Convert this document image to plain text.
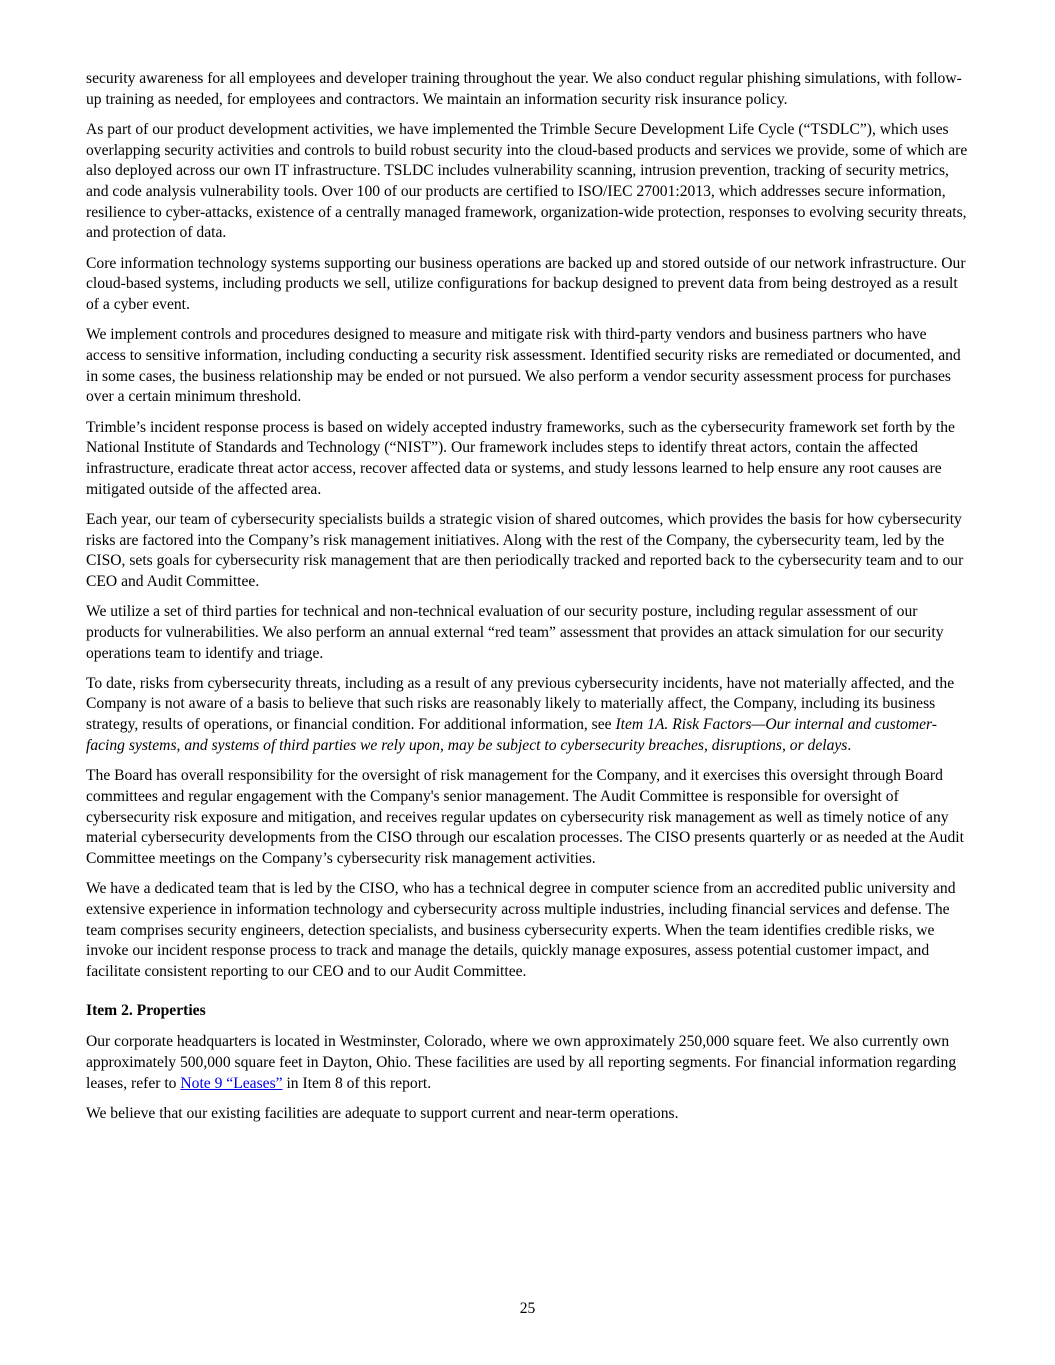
security awareness for all employees and developer training throughout the year. We also conduct regular phishing simulations, with follow-up training as needed, for employees and contractors. We maintain an information security risk insurance policy.

As part of our product development activities, we have implemented the Trimble Secure Development Life Cycle (“TSDLC”), which uses overlapping security activities and controls to build robust security into the cloud-based products and services we provide, some of which are also deployed across our own IT infrastructure. TSLDC includes vulnerability scanning, intrusion prevention, tracking of security metrics, and code analysis vulnerability tools. Over 100 of our products are certified to ISO/IEC 27001:2013, which addresses secure information, resilience to cyber-attacks, existence of a centrally managed framework, organization-wide protection, responses to evolving security threats, and protection of data.

Core information technology systems supporting our business operations are backed up and stored outside of our network infrastructure. Our cloud-based systems, including products we sell, utilize configurations for backup designed to prevent data from being destroyed as a result of a cyber event.

We implement controls and procedures designed to measure and mitigate risk with third-party vendors and business partners who have access to sensitive information, including conducting a security risk assessment. Identified security risks are remediated or documented, and in some cases, the business relationship may be ended or not pursued. We also perform a vendor security assessment process for purchases over a certain minimum threshold.

Trimble’s incident response process is based on widely accepted industry frameworks, such as the cybersecurity framework set forth by the National Institute of Standards and Technology (“NIST”). Our framework includes steps to identify threat actors, contain the affected infrastructure, eradicate threat actor access, recover affected data or systems, and study lessons learned to help ensure any root causes are mitigated outside of the affected area.

Each year, our team of cybersecurity specialists builds a strategic vision of shared outcomes, which provides the basis for how cybersecurity risks are factored into the Company’s risk management initiatives. Along with the rest of the Company, the cybersecurity team, led by the CISO, sets goals for cybersecurity risk management that are then periodically tracked and reported back to the cybersecurity team and to our CEO and Audit Committee.

We utilize a set of third parties for technical and non-technical evaluation of our security posture, including regular assessment of our products for vulnerabilities. We also perform an annual external “red team” assessment that provides an attack simulation for our security operations team to identify and triage.

To date, risks from cybersecurity threats, including as a result of any previous cybersecurity incidents, have not materially affected, and the Company is not aware of a basis to believe that such risks are reasonably likely to materially affect, the Company, including its business strategy, results of operations, or financial condition. For additional information, see Item 1A. Risk Factors—Our internal and customer-facing systems, and systems of third parties we rely upon, may be subject to cybersecurity breaches, disruptions, or delays.

The Board has overall responsibility for the oversight of risk management for the Company, and it exercises this oversight through Board committees and regular engagement with the Company's senior management. The Audit Committee is responsible for oversight of cybersecurity risk exposure and mitigation, and receives regular updates on cybersecurity risk management as well as timely notice of any material cybersecurity developments from the CISO through our escalation processes. The CISO presents quarterly or as needed at the Audit Committee meetings on the Company’s cybersecurity risk management activities.

We have a dedicated team that is led by the CISO, who has a technical degree in computer science from an accredited public university and extensive experience in information technology and cybersecurity across multiple industries, including financial services and defense. The team comprises security engineers, detection specialists, and business cybersecurity experts. When the team identifies credible risks, we invoke our incident response process to track and manage the details, quickly manage exposures, assess potential customer impact, and facilitate consistent reporting to our CEO and to our Audit Committee.

Item 2. Properties

Our corporate headquarters is located in Westminster, Colorado, where we own approximately 250,000 square feet. We also currently own approximately 500,000 square feet in Dayton, Ohio. These facilities are used by all reporting segments. For financial information regarding leases, refer to Note 9 “Leases” in Item 8 of this report.

We believe that our existing facilities are adequate to support current and near-term operations.

25
